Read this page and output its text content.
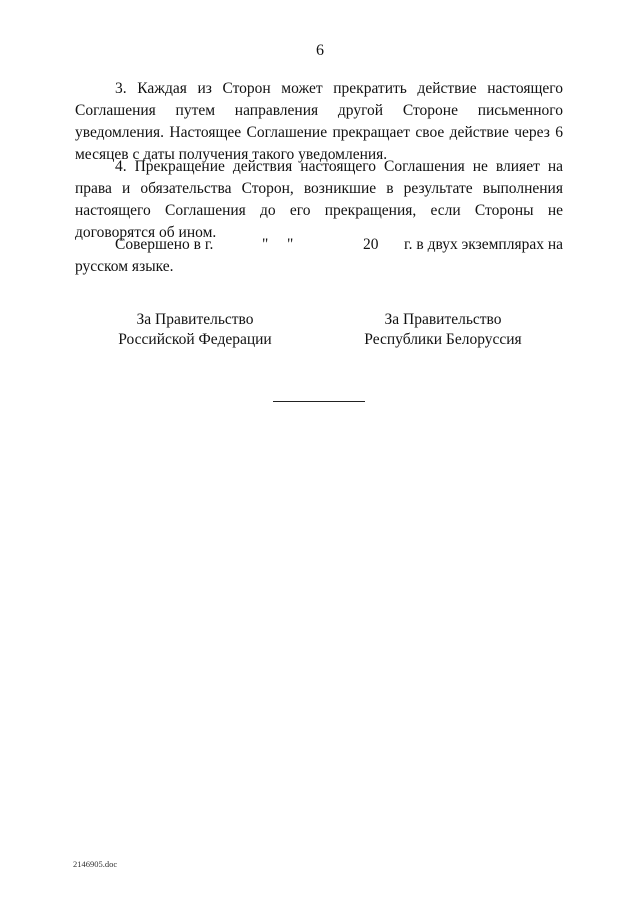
6

3. Каждая из Сторон может прекратить действие настоящего Соглашения путем направления другой Стороне письменного уведомления. Настоящее Соглашение прекращает свое действие через 6 месяцев с даты получения такого уведомления.

4. Прекращение действия настоящего Соглашения не влияет на права и обязательства Сторон, возникшие в результате выполнения настоящего Соглашения до его прекращения, если Стороны не договорятся об ином.

Совершено в г.	" "	20 г. в двух экземплярах на
русском языке.
За Правительство
Российской Федерации
За Правительство
Республики Белоруссия
2146905.doc
